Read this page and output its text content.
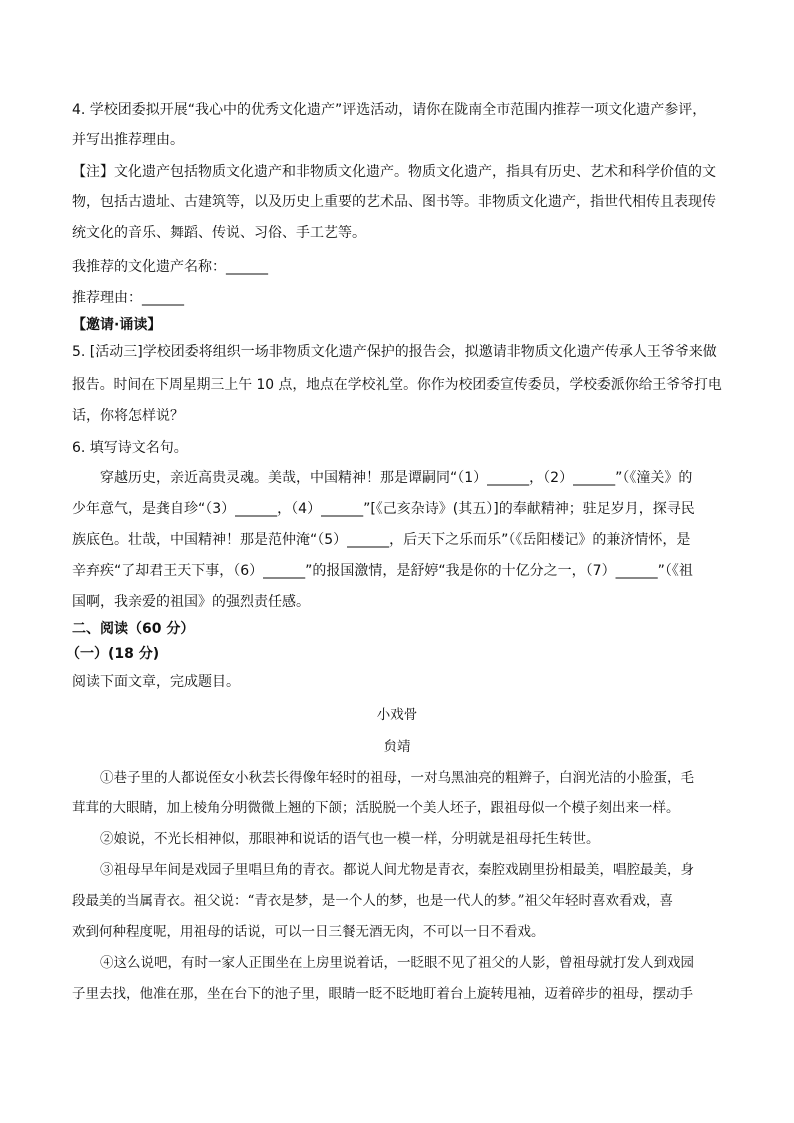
4. 学校团委拟开展“我心中的优秀文化遗产”评选活动，请你在陇南全市范围内推荐一项文化遗产参评，
并写出推荐理由。
【注】文化遗产包括物质文化遗产和非物质文化遗产。物质文化遗产，指具有历史、艺术和科学价值的文
物，包括古遗址、古建筑等，以及历史上重要的艺术品、图书等。非物质文化遗产，指世代相传且表现传
统文化的音乐、舞蹈、传说、习俗、手工艺等。
我推荐的文化遗产名称：______
推荐理由：______
【邀请·诵读】
5. [活动三]学校团委将组织一场非物质文化遗产保护的报告会，拟邀请非物质文化遗产传承人王爷爷来做
报告。时间在下周星期三上午 10 点，地点在学校礼堂。你作为校团委宣传委员，学校委派你给王爷爷打电
话，你将怎样说？
6. 填写诗文名句。
穿越历史，亲近高贵灵魂。美哉，中国精神！那是谭嗣同“（1）______，（2）______”（《潼关》的
少年意气，是龚自珍“（3）______，（4）______”[《己亥杂诗》(其五）]的奉献精神；驻足岁月，探寻民
族底色。壮哉，中国精神！那是范仲淹“（5）______，后天下之乐而乐”（《岳阳楼记》的兼济情怀，是
辛弃疾“了却君王天下事，（6）______”的报国激情，是舒婷“我是你的十亿分之一，（7）______”（《祖
国啊，我亲爱的祖国》的强烈责任感。
二、阅读（60 分）
（一）(18 分)
阅读下面文章，完成题目。
小戏骨
贠靖
①巷子里的人都说侄女小秋芸长得像年轻时的祖母，一对乌黑油亮的粗辫子，白润光洁的小脸蛋，毛
茸茸的大眼睛，加上棱角分明微微上翘的下颌；活脱脱一个美人坯子，跟祖母似一个模子刻出来一样。
②娘说，不光长相神似，那眼神和说话的语气也一模一样，分明就是祖母托生转世。
③祖母早年间是戏园子里唱旦角的青衣。都说人间尤物是青衣，秦腔戏剧里扮相最美，唱腔最美，身
段最美的当属青衣。祖父说：“青衣是梦，是一个人的梦，也是一代人的梦。”祖父年轻时喜欢看戏，喜
欢到何种程度呢，用祖母的话说，可以一日三餐无酒无肉，不可以一日不看戏。
④这么说吧，有时一家人正围坐在上房里说着话，一眨眼不见了祖父的人影，曾祖母就打发人到戏园
子里去找，他准在那，坐在台下的池子里，眼睛一眨不眨地盯着台上旋转甩袖，迈着碎步的祖母，摆动手
